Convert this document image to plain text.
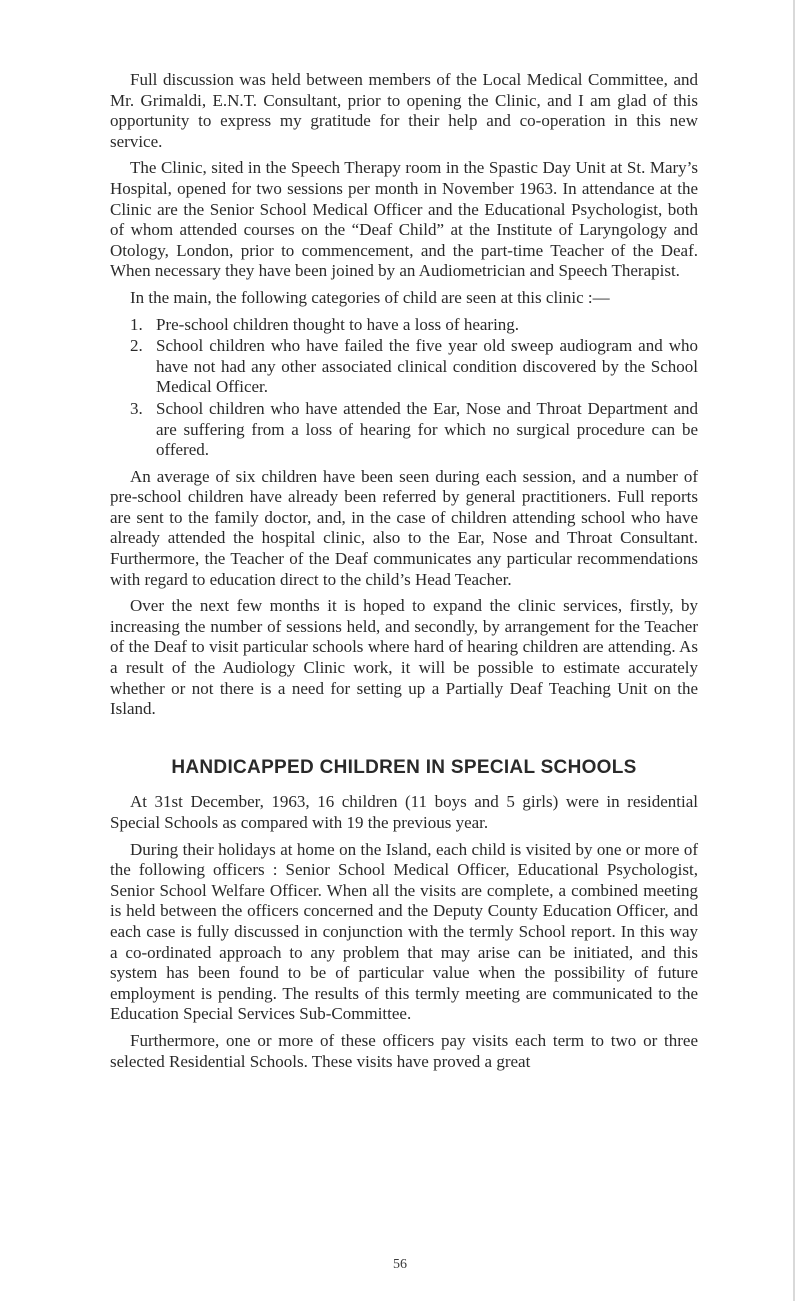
Full discussion was held between members of the Local Medical Committee, and Mr. Grimaldi, E.N.T. Consultant, prior to opening the Clinic, and I am glad of this opportunity to express my gratitude for their help and co-operation in this new service.

The Clinic, sited in the Speech Therapy room in the Spastic Day Unit at St. Mary’s Hospital, opened for two sessions per month in November 1963. In attendance at the Clinic are the Senior School Medical Officer and the Educational Psychologist, both of whom attended courses on the “Deaf Child” at the Institute of Laryngology and Otology, London, prior to commencement, and the part-time Teacher of the Deaf. When necessary they have been joined by an Audiometrician and Speech Therapist.

In the main, the following categories of child are seen at this clinic :—

1. Pre-school children thought to have a loss of hearing.
2. School children who have failed the five year old sweep audiogram and who have not had any other associated clinical condition discovered by the School Medical Officer.
3. School children who have attended the Ear, Nose and Throat Department and are suffering from a loss of hearing for which no surgical procedure can be offered.

An average of six children have been seen during each session, and a number of pre-school children have already been referred by general practitioners. Full reports are sent to the family doctor, and, in the case of children attending school who have already attended the hospital clinic, also to the Ear, Nose and Throat Consultant. Furthermore, the Teacher of the Deaf communicates any particular recommendations with regard to education direct to the child’s Head Teacher.

Over the next few months it is hoped to expand the clinic services, firstly, by increasing the number of sessions held, and secondly, by arrangement for the Teacher of the Deaf to visit particular schools where hard of hearing children are attending. As a result of the Audiology Clinic work, it will be possible to estimate accurately whether or not there is a need for setting up a Partially Deaf Teaching Unit on the Island.

HANDICAPPED CHILDREN IN SPECIAL SCHOOLS

At 31st December, 1963, 16 children (11 boys and 5 girls) were in residential Special Schools as compared with 19 the previous year.

During their holidays at home on the Island, each child is visited by one or more of the following officers : Senior School Medical Officer, Educational Psychologist, Senior School Welfare Officer. When all the visits are complete, a combined meeting is held between the officers concerned and the Deputy County Education Officer, and each case is fully discussed in conjunction with the termly School report. In this way a co-ordinated approach to any problem that may arise can be initiated, and this system has been found to be of particular value when the possibility of future employment is pending. The results of this termly meeting are communicated to the Education Special Services Sub-Committee.

Furthermore, one or more of these officers pay visits each term to two or three selected Residential Schools. These visits have proved a great

56
